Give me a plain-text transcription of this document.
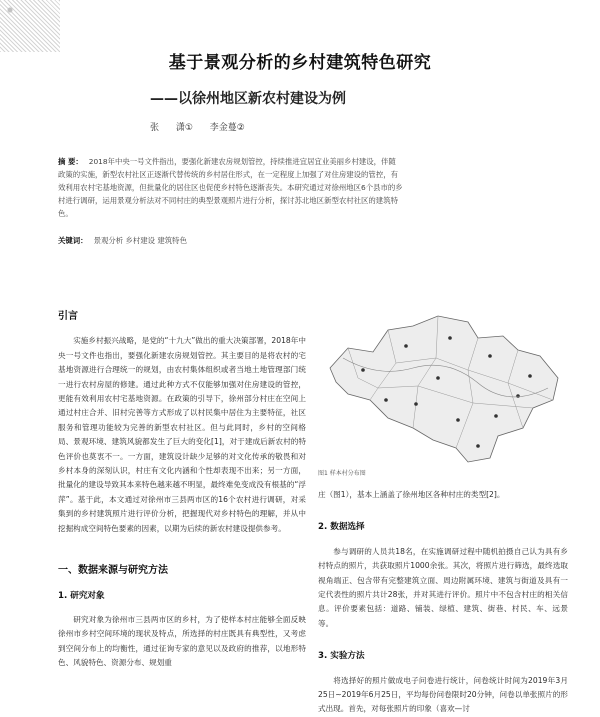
基于景观分析的乡村建筑特色研究
——以徐州地区新农村建设为例
张 潇① 李金蔓②
摘 要： 2018年中央一号文件指出，要强化新建农房规划管控，持续推进宜居宜业美丽乡村建设，伴随政策的实施，新型农村社区正逐渐代替传统的乡村居住形式，在一定程度上加强了对住房建设的管控，有效利用农村宅基地资源，但批量化的居住区也促使乡村特色逐渐丧失。本研究通过对徐州地区6个县市的乡村进行调研，运用景观分析法对不同村庄的典型景观照片进行分析，探讨苏北地区新型农村社区的建筑特色。
关键词： 景观分析 乡村建设 建筑特色
引言

实施乡村振兴战略，是党的“十九大”做出的重大决策部署，2018年中央一号文件也指出，要强化新建农房规划管控。其主要目的是将农村的宅基地资源进行合理统一的规划，由农村集体组织或者当地土地管理部门统一进行农村房屋的修建。通过此种方式不仅能够加强对住房建设的管控，更能有效利用农村宅基地资源。在政策的引导下，徐州部分村庄在空间上通过村庄合并、旧村完善等方式形成了以村民集中居住为主要特征，社区服务和管理功能较为完善的新型农村社区。但与此同时，乡村的空间格局、景观环境、建筑风貌都发生了巨大的变化[1]，对于建成后新农村的特色评价也莫衷不一。一方面，建筑设计缺少足够的对文化传承的敬畏和对乡村本身的深刻认识，村庄有文化内涵和个性却表现不出来；另一方面，批量化的建设导致其本来特色越来越不明显，最终难免变成没有根基的“浮萍”。基于此，本文通过对徐州市三县两市区的16个农村进行调研，对采集到的乡村建筑照片进行评价分析，把握现代对乡村特色的理解，并从中挖掘构成空间特色要素的因素，以期为后续的新农村建设提供参考。

一、数据来源与研究方法
1. 研究对象

研究对象为徐州市三县两市区的乡村，为了使样本村庄能够全面反映徐州市乡村空间环境的现状及特点，所选择的村庄既具有典型性，又考虑到空间分布上的均衡性，通过征询专家的意见以及政府的推荐，以地形特色、风貌特色、资源分布、规划重

图1 样本村分布图

庄（图1），基本上涵盖了徐州地区各种村庄的类型[2]。

2. 数据选择

参与调研的人员共18名，在实施调研过程中随机拍摄自己认为具有乡村特点的照片，共获取照片1000余张。其次，将照片进行筛选，最终选取视角端正、包含带有完整建筑立面、周边附属环境、建筑与街道及具有一定代表性的照片共计28张，并对其进行评价。照片中不包含村庄的相关信息。评价要素包括：道路、铺装、绿植、建筑、街巷、村民、车、远景等。

3. 实验方法

将选择好的照片做成电子问卷进行统计，问卷统计时间为2019年3月25日~2019年6月25日，平均每份问卷限时20分钟，问卷以单张照片的形式出现。首先，对每张照片的印象（喜欢—讨
